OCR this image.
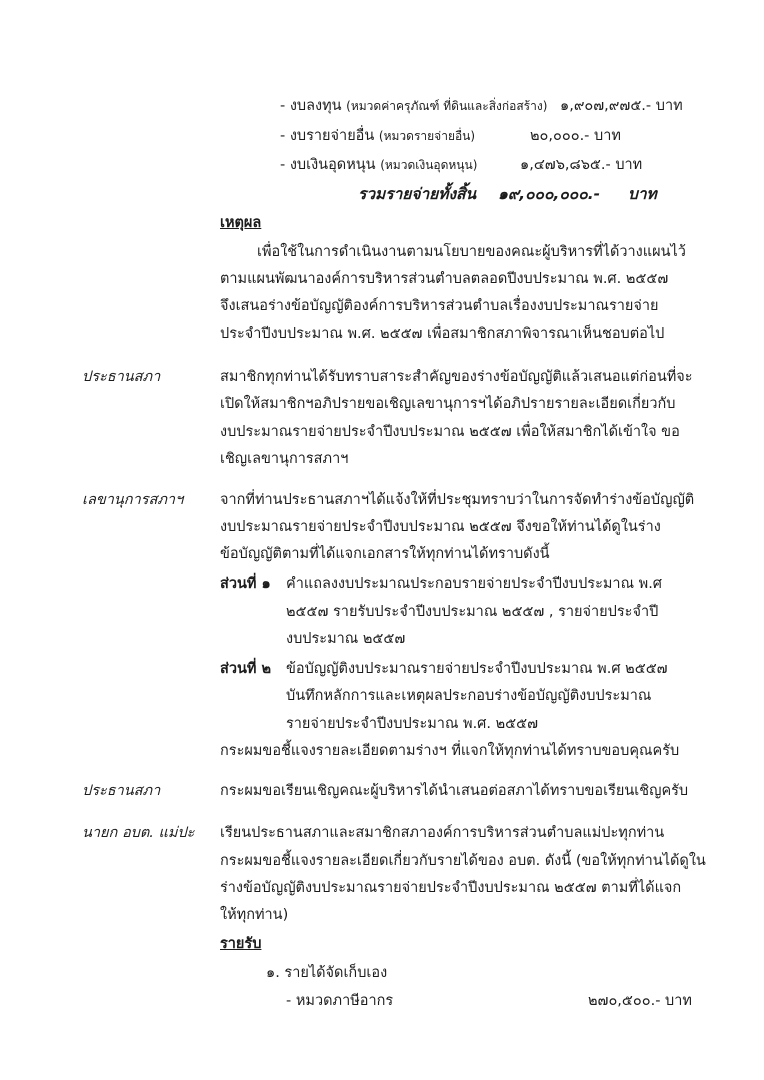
- งบลงทุน (หมวดค่าครุภัณฑ์ ที่ดินและสิ่งก่อสร้าง) ๑,๙๐๗,๙๗๕.- บาท
- งบรายจ่ายอื่น (หมวดรายจ่ายอื่น)	๒๐,๐๐๐.- บาท
- งบเงินอุดหนุน (หมวดเงินอุดหนุน)	๑,๔๗๖,๘๖๕.- บาท
รวมรายจ่ายทั้งสิ้น ๑๙,๐๐๐,๐๐๐.- บาท
เหตุผล
เพื่อใช้ในการดำเนินงานตามนโยบายของคณะผู้บริหารที่ได้วางแผนไว้
ตามแผนพัฒนาองค์การบริหารส่วนตำบลตลอดปีงบประมาณ พ.ศ. ๒๕๕๗
จึงเสนอร่างข้อบัญญัติองค์การบริหารส่วนตำบลเรื่องงบประมาณรายจ่าย
ประจำปีงบประมาณ พ.ศ. ๒๕๕๗ เพื่อสมาชิกสภาพิจารณาเห็นชอบต่อไป
ประธานสภา	สมาชิกทุกท่านได้รับทราบสาระสำคัญของร่างข้อบัญญัติแล้วเสนอแต่ก่อนที่จะ
เปิดให้สมาชิกฯอภิปรายขอเชิญเลขานุการฯได้อภิปรายรายละเอียดเกี่ยวกับ
งบประมาณรายจ่ายประจำปีงบประมาณ ๒๕๕๗ เพื่อให้สมาชิกได้เข้าใจ ขอ
เชิญเลขานุการสภาฯ
เลขานุการสภาฯ	จากที่ท่านประธานสภาฯได้แจ้งให้ที่ประชุมทราบว่าในการจัดทำร่างข้อบัญญัติ
งบประมาณรายจ่ายประจำปีงบประมาณ ๒๕๕๗ จึงขอให้ท่านได้ดูในร่าง
ข้อบัญญัติตามที่ได้แจกเอกสารให้ทุกท่านได้ทราบดังนี้
ส่วนที่ ๑ คำแถลงงบประมาณประกอบรายจ่ายประจำปีงบประมาณ พ.ศ
๒๕๕๗ รายรับประจำปีงบประมาณ ๒๕๕๗ , รายจ่ายประจำปี
งบประมาณ ๒๕๕๗
ส่วนที่ ๒ ข้อบัญญัติงบประมาณรายจ่ายประจำปีงบประมาณ พ.ศ ๒๕๕๗
บันทึกหลักการและเหตุผลประกอบร่างข้อบัญญัติงบประมาณ
รายจ่ายประจำปีงบประมาณ พ.ศ. ๒๕๕๗
กระผมขอชี้แจงรายละเอียดตามร่างฯ ที่แจกให้ทุกท่านได้ทราบขอบคุณครับ
ประธานสภา	กระผมขอเรียนเชิญคณะผู้บริหารได้นำเสนอต่อสภาได้ทราบขอเรียนเชิญครับ
นายก อบต. แม่ปะ เรียนประธานสภาและสมาชิกสภาองค์การบริหารส่วนตำบลแม่ปะทุกท่าน
กระผมขอชี้แจงรายละเอียดเกี่ยวกับรายได้ของ อบต. ดังนี้ (ขอให้ทุกท่านได้ดูใน
ร่างข้อบัญญัติงบประมาณรายจ่ายประจำปีงบประมาณ ๒๕๕๗ ตามที่ได้แจก
ให้ทุกท่าน)
รายรับ
๑. รายได้จัดเก็บเอง
- หมวดภาษีอากร	๒๗๐,๕๐๐.- บาท
